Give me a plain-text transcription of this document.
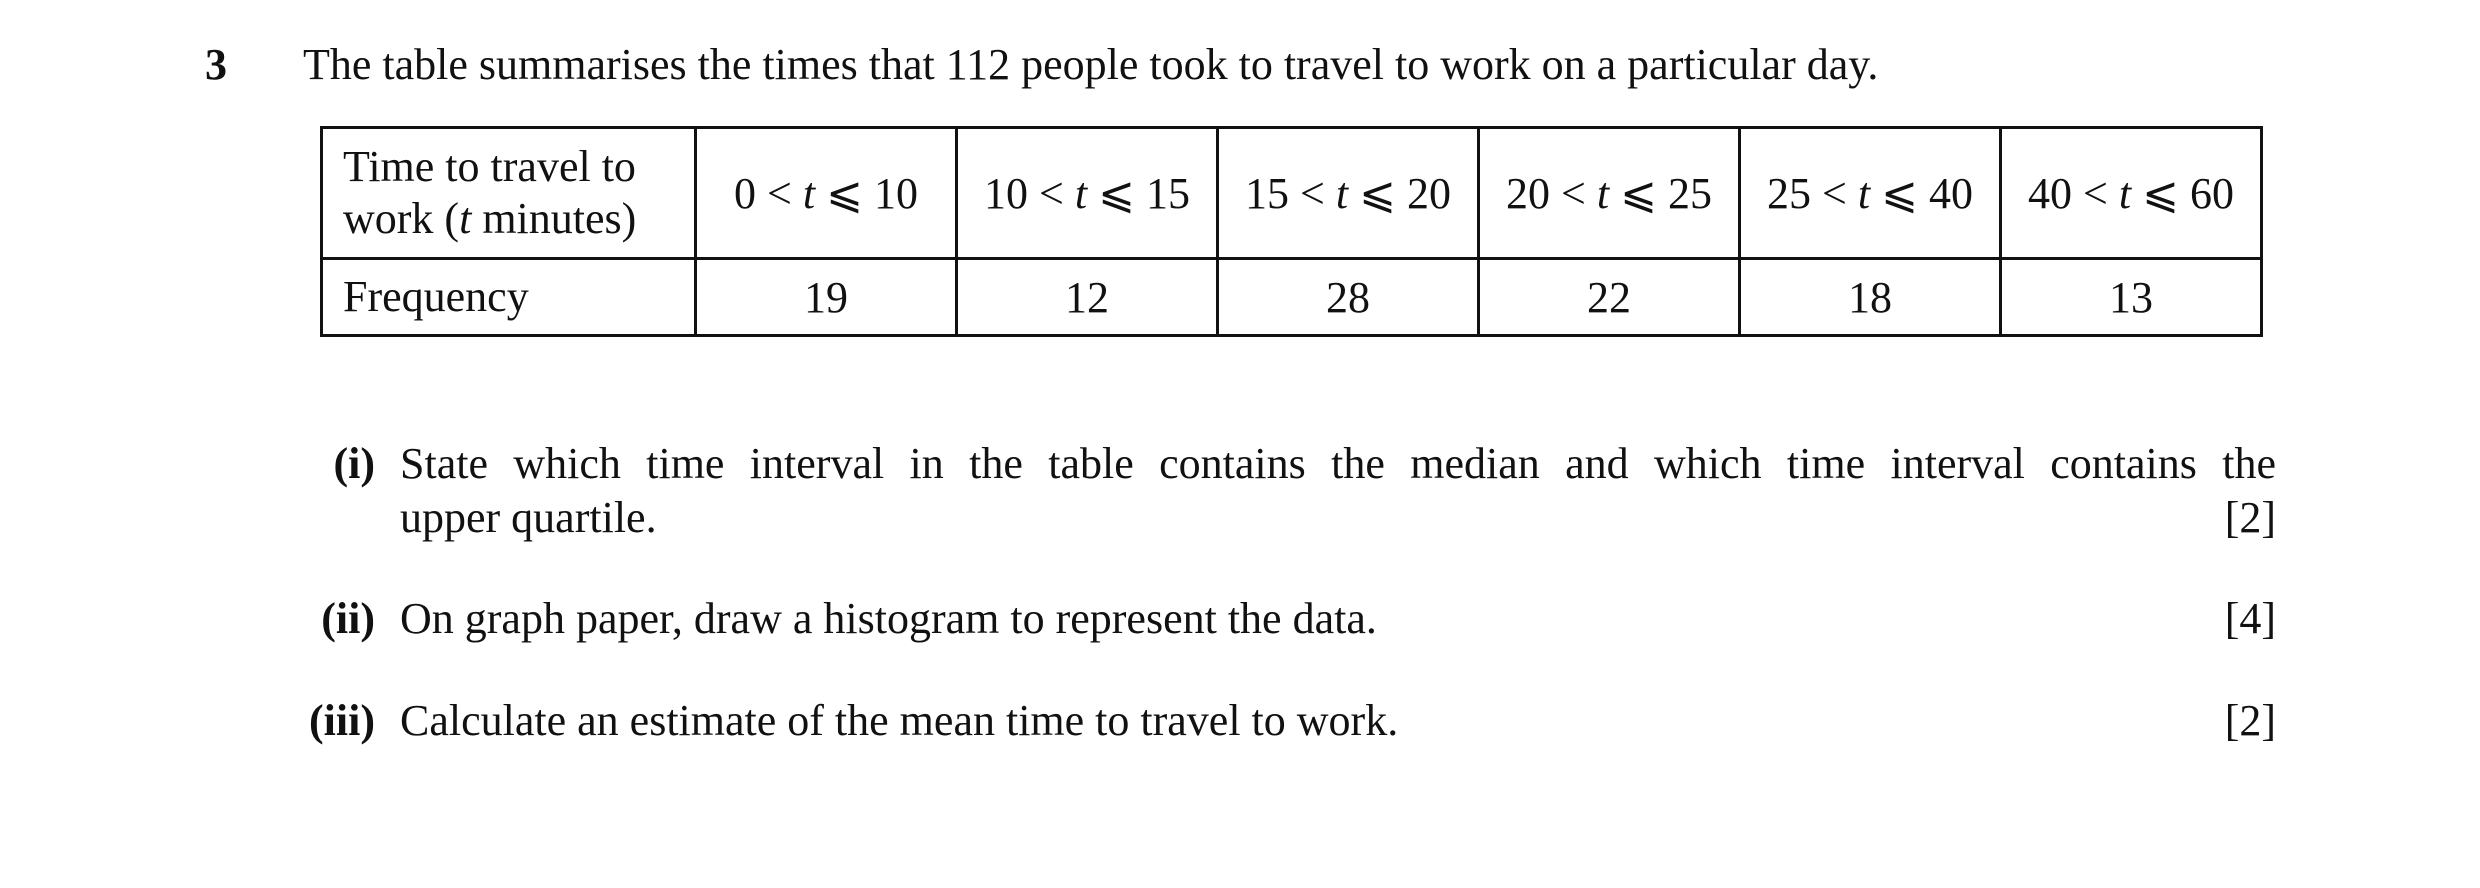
3 The table summarises the times that 112 people took to travel to work on a particular day.
Time to travel to
work (t minutes)	0 < t ⩽ 10	10 < t ⩽ 15	15 < t ⩽ 20	20 < t ⩽ 25	25 < t ⩽ 40	40 < t ⩽ 60
Frequency	19	12	28	22	18	13
(i) State which time interval in the table contains the median and which time interval contains the
upper quartile.	[2]
(ii) On graph paper, draw a histogram to represent the data.	[4]
(iii) Calculate an estimate of the mean time to travel to work.	[2]
